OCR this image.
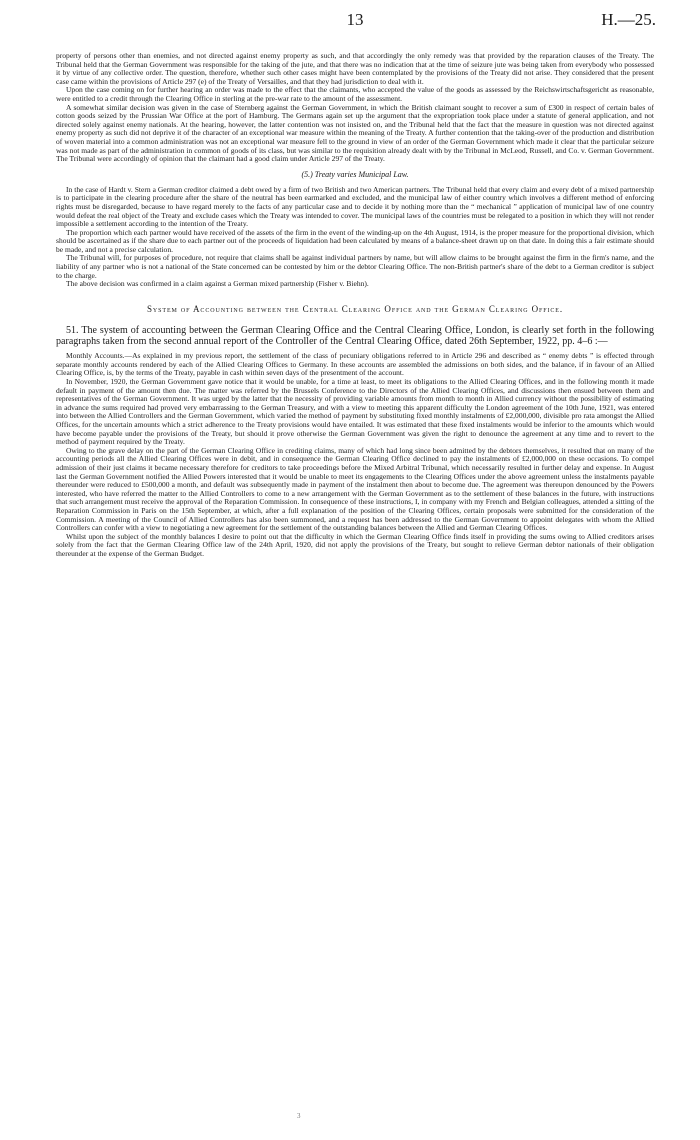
13	H.—25.

property of persons other than enemies, and not directed against enemy property as such, and that accordingly the only remedy was that provided by the reparation clauses of the Treaty. The Tribunal held that the German Government was responsible for the taking of the jute, and that there was no indication that at the time of seizure jute was being taken from everybody who possessed it by virtue of any collective order. The question, therefore, whether such other cases might have been contemplated by the provisions of the Treaty did not arise. They considered that the present case came within the provisions of Article 297 (e) of the Treaty of Versailles, and that they had jurisdiction to deal with it.

Upon the case coming on for further hearing an order was made to the effect that the claimants, who accepted the value of the goods as assessed by the Reichswirtschaftsgericht as reasonable, were entitled to a credit through the Clearing Office in sterling at the pre-war rate to the amount of the assessment.

A somewhat similar decision was given in the case of Sternberg against the German Government, in which the British claimant sought to recover a sum of £300 in respect of certain bales of cotton goods seized by the Prussian War Office at the port of Hamburg. The Germans again set up the argument that the expropriation took place under a statute of general application, and not directed solely against enemy nationals. At the hearing, however, the latter contention was not insisted on, and the Tribunal held that the fact that the measure in question was not directed against enemy property as such did not deprive it of the character of an exceptional war measure within the meaning of the Treaty. A further contention that the taking-over of the production and distribution of woven material into a common administration was not an exceptional war measure fell to the ground in view of an order of the German Government which made it clear that the particular seizure was not made as part of the administration in common of goods of its class, but was similar to the requisition already dealt with by the Tribunal in McLeod, Russell, and Co. v. German Government. The Tribunal were accordingly of opinion that the claimant had a good claim under Article 297 of the Treaty.

(5.) Treaty varies Municipal Law.

In the case of Hardt v. Stern a German creditor claimed a debt owed by a firm of two British and two American partners. The Tribunal held that every claim and every debt of a mixed partnership is to participate in the clearing procedure after the share of the neutral has been earmarked and excluded, and the municipal law of either country which involves a different method of enforcing rights must be disregarded, because to have regard merely to the facts of any particular case and to decide it by nothing more than the “ mechanical ” application of municipal law of one country would defeat the real object of the Treaty and exclude cases which the Treaty was intended to cover. The municipal laws of the countries must be relegated to a position in which they will not render impossible a settlement according to the intention of the Treaty.

The proportion which each partner would have received of the assets of the firm in the event of the winding-up on the 4th August, 1914, is the proper measure for the proportional division, which should be ascertained as if the share due to each partner out of the proceeds of liquidation had been calculated by means of a balance-sheet drawn up on that date. In doing this a fair estimate should be made, and not a precise calculation.

The Tribunal will, for purposes of procedure, not require that claims shall be against individual partners by name, but will allow claims to be brought against the firm in the firm's name, and the liability of any partner who is not a national of the State concerned can be contested by him or the debtor Clearing Office. The non-British partner's share of the debt to a German creditor is subject to the charge.

The above decision was confirmed in a claim against a German mixed partnership (Fisher v. Biehn).

System of Accounting between the Central Clearing Office and the German Clearing Office.

51. The system of accounting between the German Clearing Office and the Central Clearing Office, London, is clearly set forth in the following paragraphs taken from the second annual report of the Controller of the Central Clearing Office, dated 26th September, 1922, pp. 4–6 :—

Monthly Accounts.—As explained in my previous report, the settlement of the class of pecuniary obligations referred to in Article 296 and described as “ enemy debts ” is effected through separate monthly accounts rendered by each of the Allied Clearing Offices to Germany. In these accounts are assembled the admissions on both sides, and the balance, if in favour of an Allied Clearing Office, is, by the terms of the Treaty, payable in cash within seven days of the presentment of the account.

In November, 1920, the German Government gave notice that it would be unable, for a time at least, to meet its obligations to the Allied Clearing Offices, and in the following month it made default in payment of the amount then due. The matter was referred by the Brussels Conference to the Directors of the Allied Clearing Offices, and discussions then ensued between them and representatives of the German Government. It was urged by the latter that the necessity of providing variable amounts from month to month in Allied currency without the possibility of estimating in advance the sums required had proved very embarrassing to the German Treasury, and with a view to meeting this apparent difficulty the London agreement of the 10th June, 1921, was entered into between the Allied Controllers and the German Government, which varied the method of payment by substituting fixed monthly instalments of £2,000,000, divisible pro rata amongst the Allied Offices, for the uncertain amounts which a strict adherence to the Treaty provisions would have entailed. It was estimated that these fixed instalments would be inferior to the amounts which would have become payable under the provisions of the Treaty, but should it prove otherwise the German Government was given the right to denounce the agreement at any time and to revert to the method of payment required by the Treaty.

Owing to the grave delay on the part of the German Clearing Office in crediting claims, many of which had long since been admitted by the debtors themselves, it resulted that on many of the accounting periods all the Allied Clearing Offices were in debit, and in consequence the German Clearing Office declined to pay the instalments of £2,000,000 on these occasions. To compel admission of their just claims it became necessary therefore for creditors to take proceedings before the Mixed Arbitral Tribunal, which necessarily resulted in further delay and expense. In August last the German Government notified the Allied Powers interested that it would be unable to meet its engagements to the Clearing Offices under the above agreement unless the instalments payable thereunder were reduced to £500,000 a month, and default was subsequently made in payment of the instalment then about to become due. The agreement was thereupon denounced by the Powers interested, who have referred the matter to the Allied Controllers to come to a new arrangement with the German Government as to the settlement of these balances in the future, with instructions that such arrangement must receive the approval of the Reparation Commission. In consequence of these instructions, I, in company with my French and Belgian colleagues, attended a sitting of the Reparation Commission in Paris on the 15th September, at which, after a full explanation of the position of the Clearing Offices, certain proposals were submitted for the consideration of the Commission. A meeting of the Council of Allied Controllers has also been summoned, and a request has been addressed to the German Government to appoint delegates with whom the Allied Controllers can confer with a view to negotiating a new agreement for the settlement of the outstanding balances between the Allied and German Clearing Offices.

Whilst upon the subject of the monthly balances I desire to point out that the difficulty in which the German Clearing Office finds itself in providing the sums owing to Allied creditors arises solely from the fact that the German Clearing Office law of the 24th April, 1920, did not apply the provisions of the Treaty, but sought to relieve German debtor nationals of their obligation thereunder at the expense of the German Budget.

3
